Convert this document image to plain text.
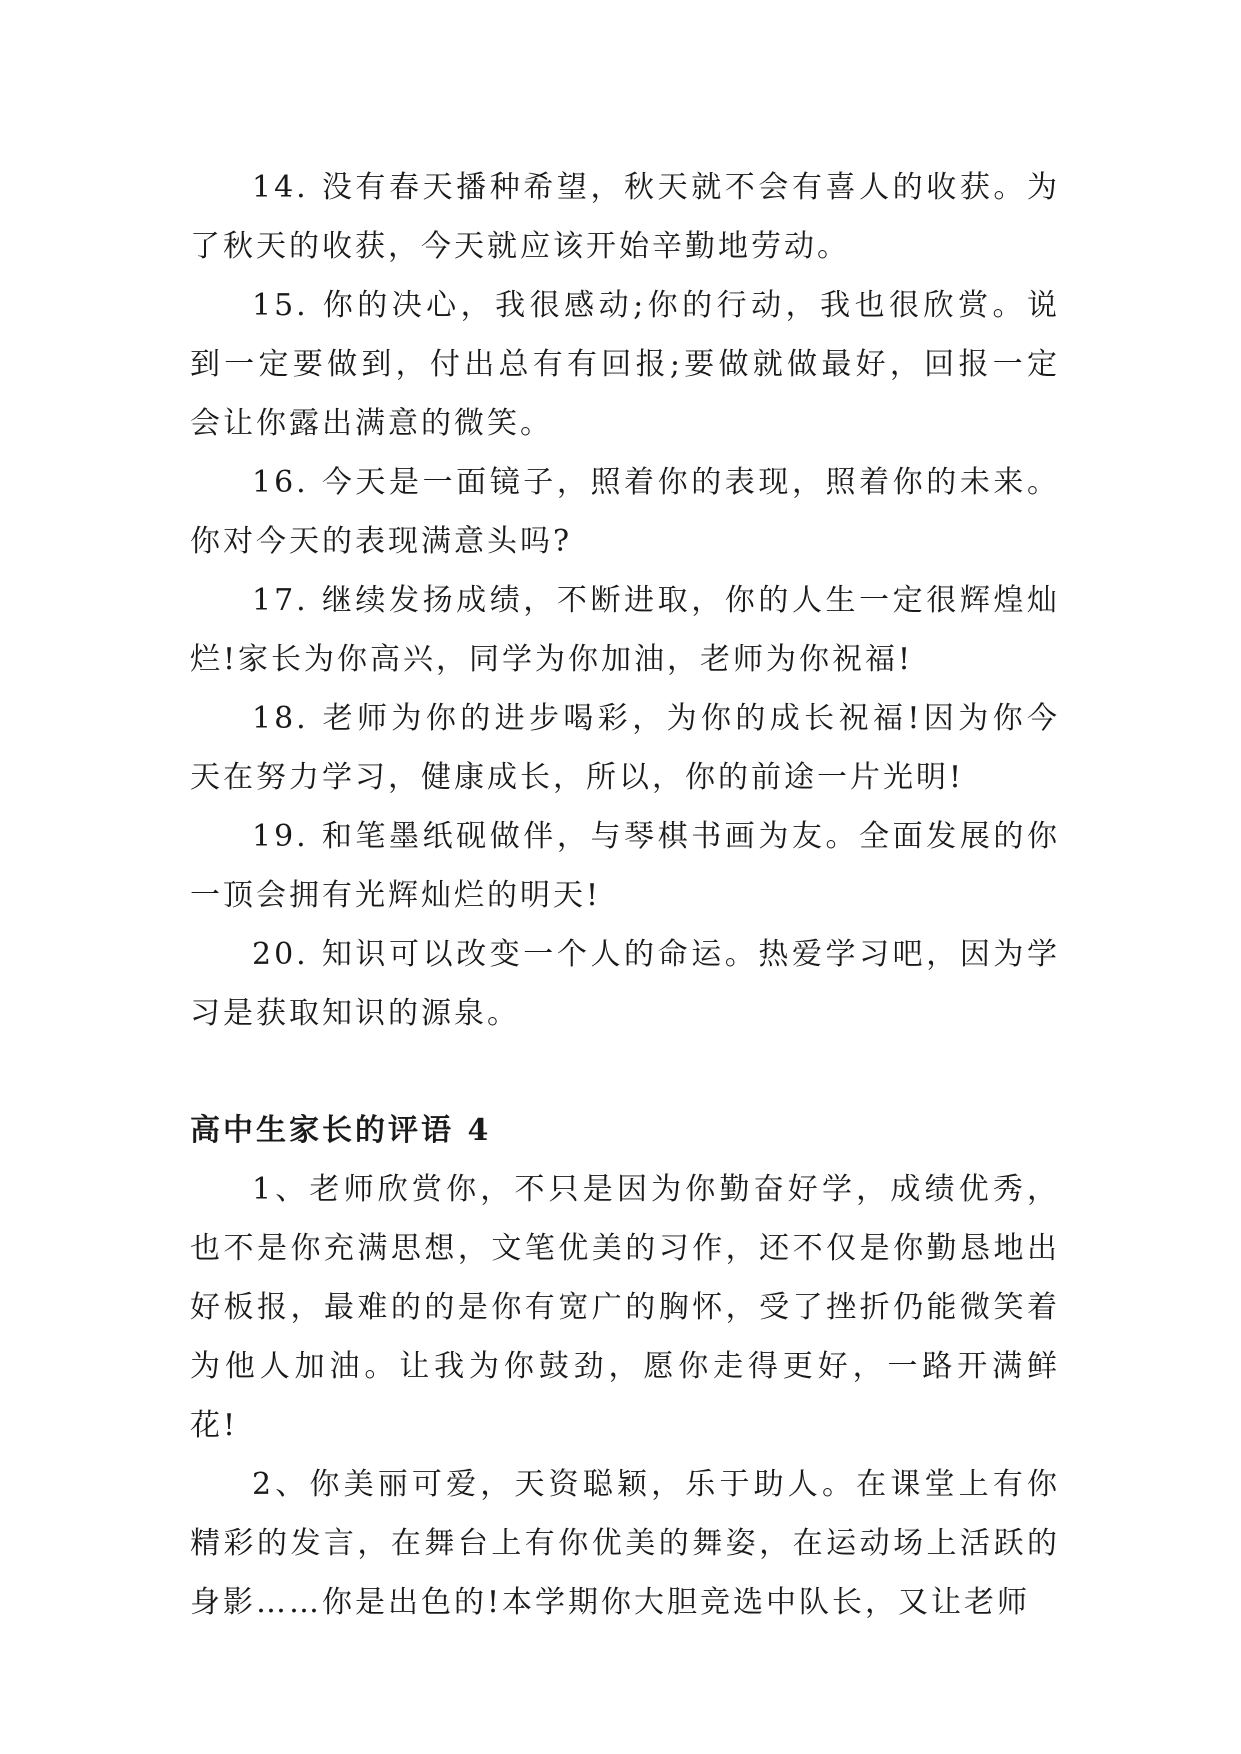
14. 没有春天播种希望，秋天就不会有喜人的收获。为了秋天的收获，今天就应该开始辛勤地劳动。

15. 你的决心，我很感动;你的行动，我也很欣赏。说到一定要做到，付出总有有回报;要做就做最好，回报一定会让你露出满意的微笑。

16. 今天是一面镜子，照着你的表现，照着你的未来。你对今天的表现满意头吗?

17. 继续发扬成绩，不断进取，你的人生一定很辉煌灿烂!家长为你高兴，同学为你加油，老师为你祝福!

18. 老师为你的进步喝彩，为你的成长祝福!因为你今天在努力学习，健康成长，所以，你的前途一片光明!

19. 和笔墨纸砚做伴，与琴棋书画为友。全面发展的你一顶会拥有光辉灿烂的明天!

20. 知识可以改变一个人的命运。热爱学习吧，因为学习是获取知识的源泉。

高中生家长的评语 4

1、老师欣赏你，不只是因为你勤奋好学，成绩优秀，也不是你充满思想，文笔优美的习作，还不仅是你勤恳地出好板报，最难的的是你有宽广的胸怀，受了挫折仍能微笑着为他人加油。让我为你鼓劲，愿你走得更好，一路开满鲜花!

2、你美丽可爱，天资聪颖，乐于助人。在课堂上有你精彩的发言，在舞台上有你优美的舞姿，在运动场上活跃的身影……你是出色的!本学期你大胆竞选中队长，又让老师
